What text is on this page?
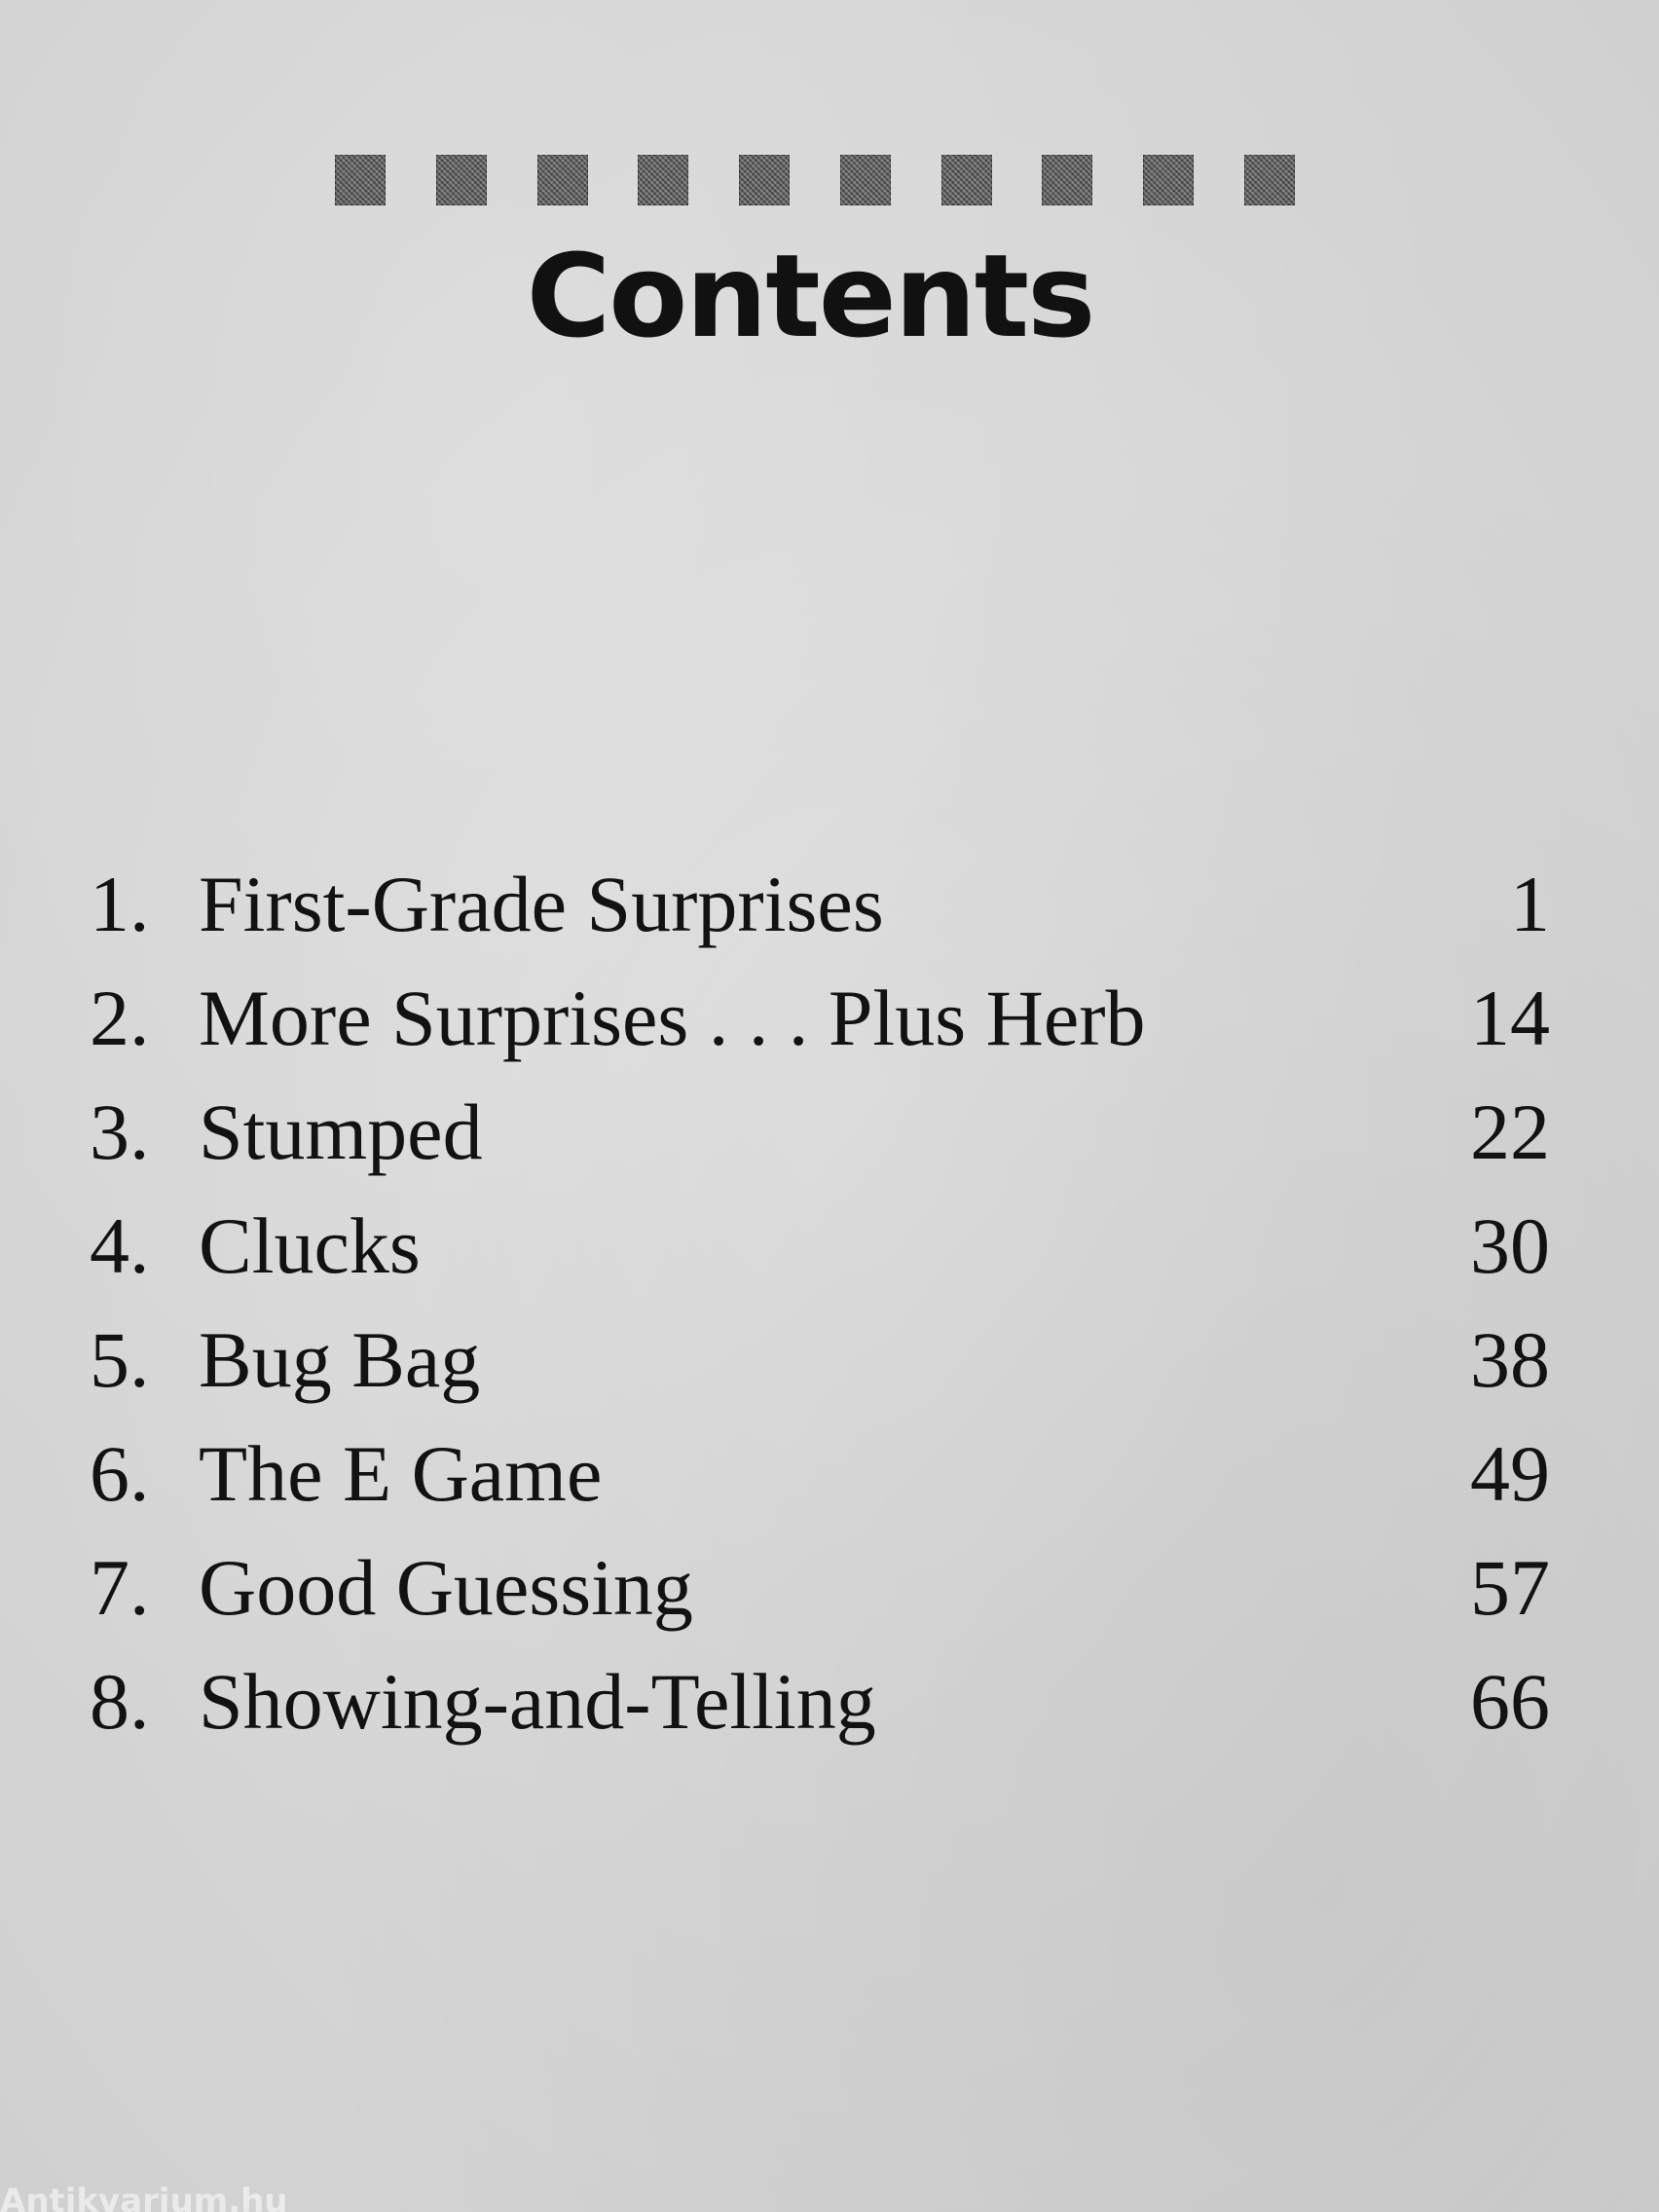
Contents
1. First-Grade Surprises	1
2. More Surprises . . . Plus Herb	14
3. Stumped	22
4. Clucks	30
5. Bug Bag	38
6. The E Game	49
7. Good Guessing	57
8. Showing-and-Telling	66
Antikvarium.hu
